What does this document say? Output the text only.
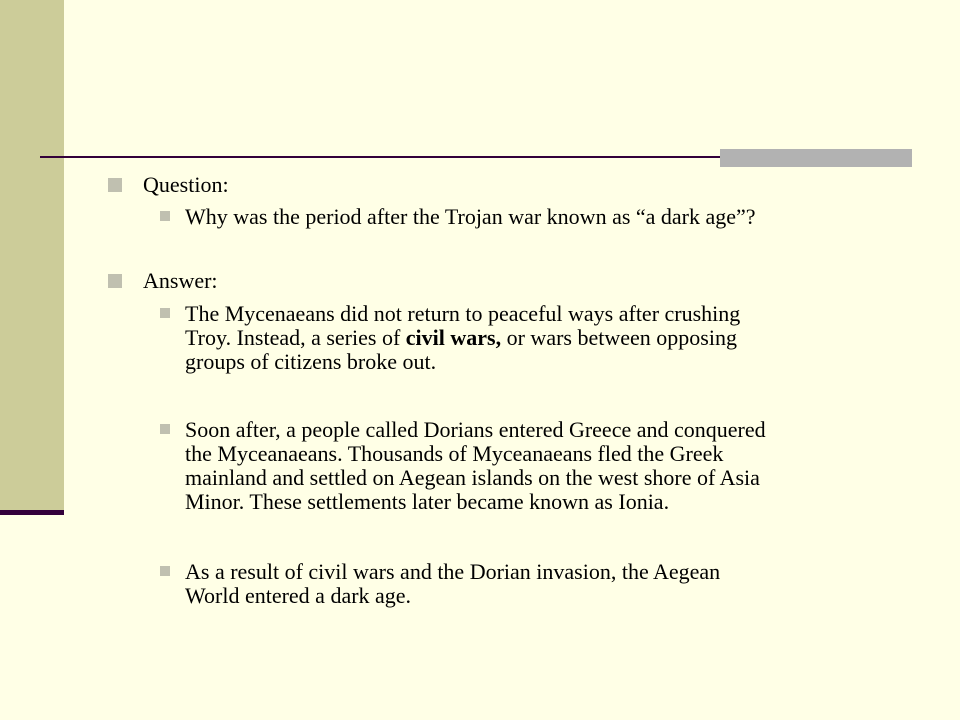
Question:
Why was the period after the Trojan war known as “a dark age”?
Answer:
The Mycenaeans did not return to peaceful ways after crushing
Troy. Instead, a series of civil wars, or wars between opposing
groups of citizens broke out.
Soon after, a people called Dorians entered Greece and conquered
the Myceanaeans. Thousands of Myceanaeans fled the Greek
mainland and settled on Aegean islands on the west shore of Asia
Minor. These settlements later became known as Ionia.
As a result of civil wars and the Dorian invasion, the Aegean
World entered a dark age.
